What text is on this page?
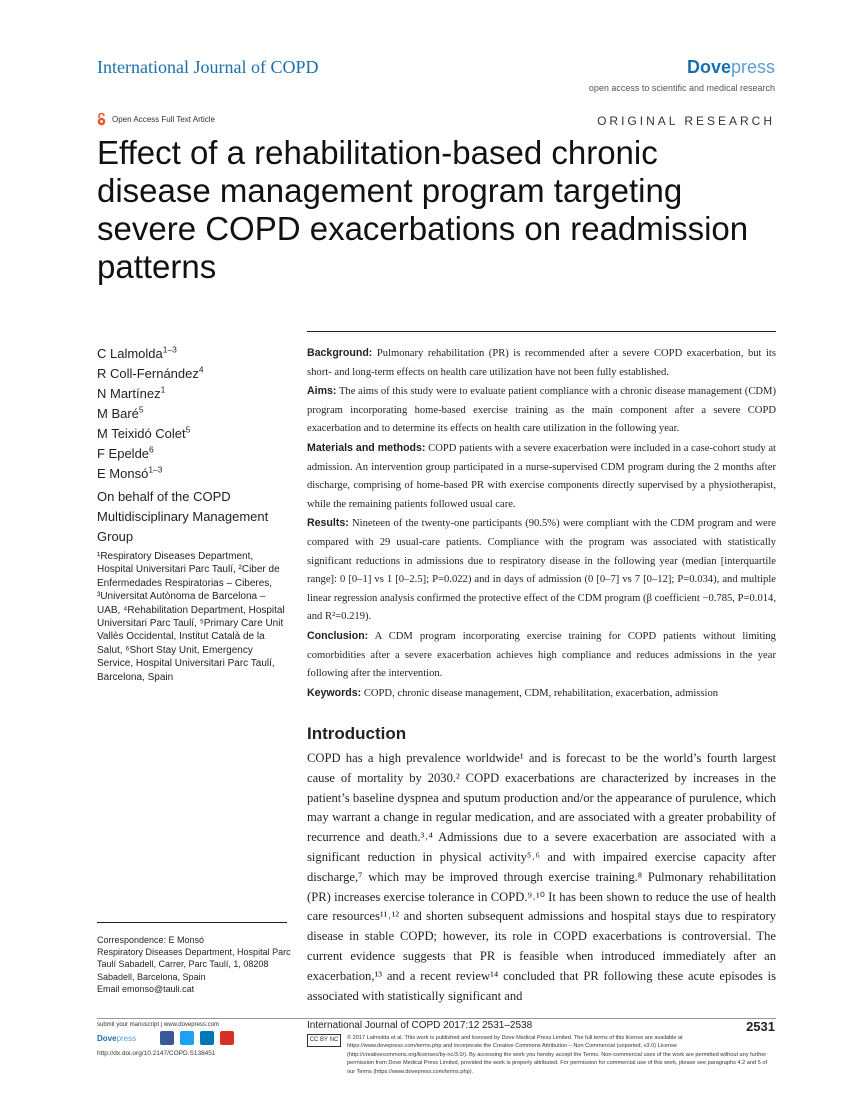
International Journal of COPD	Dovepress
open access to scientific and medical research
Open Access Full Text Article	ORIGINAL RESEARCH
Effect of a rehabilitation-based chronic disease management program targeting severe COPD exacerbations on readmission patterns
C Lalmolda$^{1-3}$
R Coll-Fernández$^4$
N Martínez$^1$
M Baré$^5$
M Teixidó Colet$^5$
F Epelde$^6$
E Monsó$^{1-3}$
On behalf of the COPD Multidisciplinary Management Group
¹Respiratory Diseases Department, Hospital Universitari Parc Taulí, ²Ciber de Enfermedades Respiratorias – Ciberes, ³Universitat Autònoma de Barcelona – UAB, ⁴Rehabilitation Department, Hospital Universitari Parc Taulí, ⁵Primary Care Unit Vallès Occidental, Institut Català de la Salut, ⁶Short Stay Unit, Emergency Service, Hospital Universitari Parc Taulí, Barcelona, Spain
Correspondence: E Monsó
Respiratory Diseases Department, Hospital Parc Taulí Sabadell, Carrer, Parc Taulí, 1, 08208 Sabadell, Barcelona, Spain
Email emonso@tauli.cat

Background: Pulmonary rehabilitation (PR) is recommended after a severe COPD exacerbation, but its short- and long-term effects on health care utilization have not been fully established.

Aims: The aims of this study were to evaluate patient compliance with a chronic disease management (CDM) program incorporating home-based exercise training as the main component after a severe COPD exacerbation and to determine its effects on health care utilization in the following year.

Materials and methods: COPD patients with a severe exacerbation were included in a case-cohort study at admission. An intervention group participated in a nurse-supervised CDM program during the 2 months after discharge, comprising of home-based PR with exercise components directly supervised by a physiotherapist, while the remaining patients followed usual care.

Results: Nineteen of the twenty-one participants (90.5%) were compliant with the CDM program and were compared with 29 usual-care patients. Compliance with the program was associated with statistically significant reductions in admissions due to respiratory disease in the following year (median [interquartile range]: 0 [0–1] vs 1 [0–2.5]; P=0.022) and in days of admission (0 [0–7] vs 7 [0–12]; P=0.034), and multiple linear regression analysis confirmed the protective effect of the CDM program (β coefficient −0.785, P=0.014, and R²=0.219).

Conclusion: A CDM program incorporating exercise training for COPD patients without limiting comorbidities after a severe exacerbation achieves high compliance and reduces admissions in the year following after the intervention.

Keywords: COPD, chronic disease management, CDM, rehabilitation, exacerbation, admission

Introduction

COPD has a high prevalence worldwide¹ and is forecast to be the world’s fourth largest cause of mortality by 2030.² COPD exacerbations are characterized by increases in the patient’s baseline dyspnea and sputum production and/or the appearance of purulence, which may warrant a change in regular medication, and are associated with a greater probability of recurrence and death.³˒⁴ Admissions due to a severe exacerbation are associated with a significant reduction in physical activity⁵˒⁶ and with impaired exercise capacity after discharge,⁷ which may be improved through exercise training.⁸ Pulmonary rehabilitation (PR) increases exercise tolerance in COPD.⁹˒¹⁰ It has been shown to reduce the use of health care resources¹¹˒¹² and shorten subsequent admissions and hospital stays due to respiratory disease in stable COPD; however, its role in COPD exacerbations is controversial. The current evidence suggests that PR is feasible when introduced immediately after an exacerbation,¹³ and a recent review¹⁴ concluded that PR following these acute episodes is associated with statistically significant and

submit your manuscript | www.dovepress.com
Dovepress
http://dx.doi.org/10.2147/COPD.S138451
International Journal of COPD 2017:12 2531–2538	2531
CC BY NC	© 2017 Lalmolda et al. This work is published and licensed by Dove Medical Press Limited. The full terms of this license are available at https://www.dovepress.com/terms.php and incorporate the Creative Commons Attribution – Non Commercial (unported, v3.0) License (http://creativecommons.org/licenses/by-nc/3.0/). By accessing the work you hereby accept the Terms. Non-commercial uses of the work are permitted without any further permission from Dove Medical Press Limited, provided the work is properly attributed. For permission for commercial use of this work, please see paragraphs 4.2 and 5 of our Terms (https://www.dovepress.com/terms.php).
